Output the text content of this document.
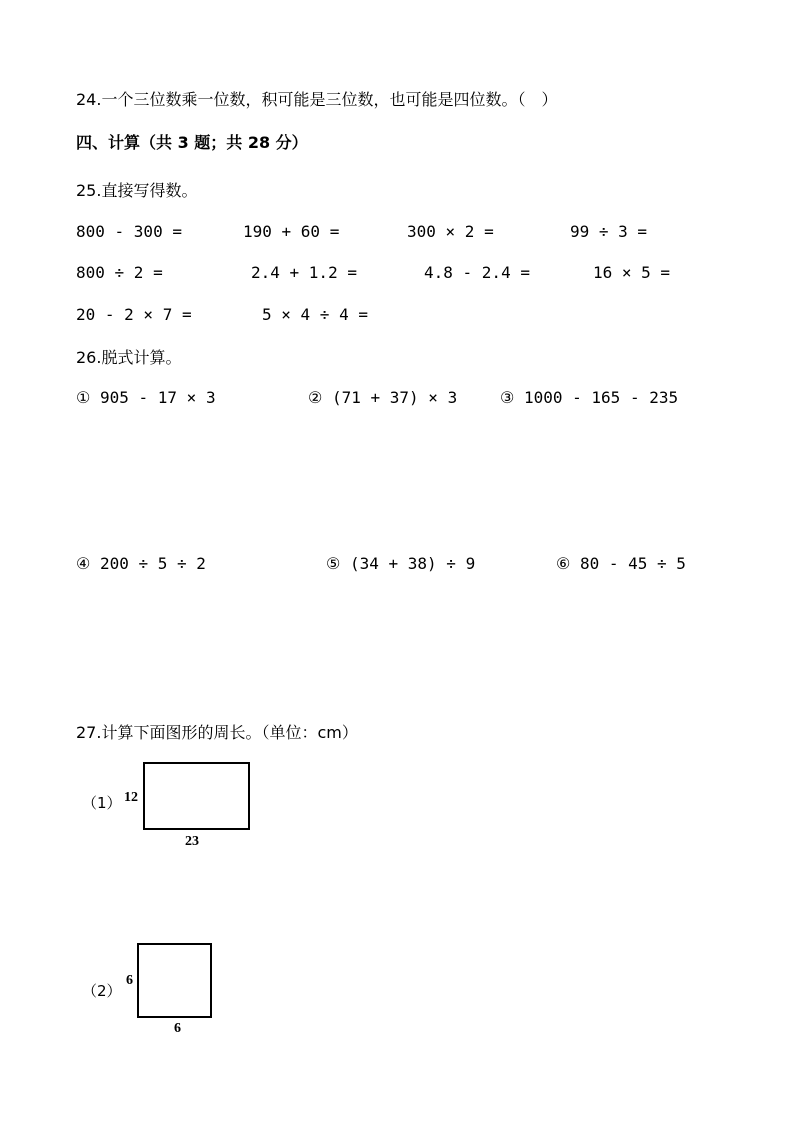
24.一个三位数乘一位数，积可能是三位数，也可能是四位数。（　）
四、计算（共 3 题；共 28 分）
25.直接写得数。
800 - 300 =	190 + 60 =	300 × 2 =	99 ÷ 3 =
800 ÷ 2 =	2.4 + 1.2 =	4.8 - 2.4 =	16 × 5 =
20 - 2 × 7 =	5 × 4 ÷ 4 =
26.脱式计算。
① 905 - 17 × 3	② (71 + 37) × 3	③ 1000 - 165 - 235
④ 200 ÷ 5 ÷ 2	⑤ (34 + 38) ÷ 9	⑥ 80 - 45 ÷ 5
27.计算下面图形的周长。（单位：cm）
（1） 12
23
（2）
6
6
